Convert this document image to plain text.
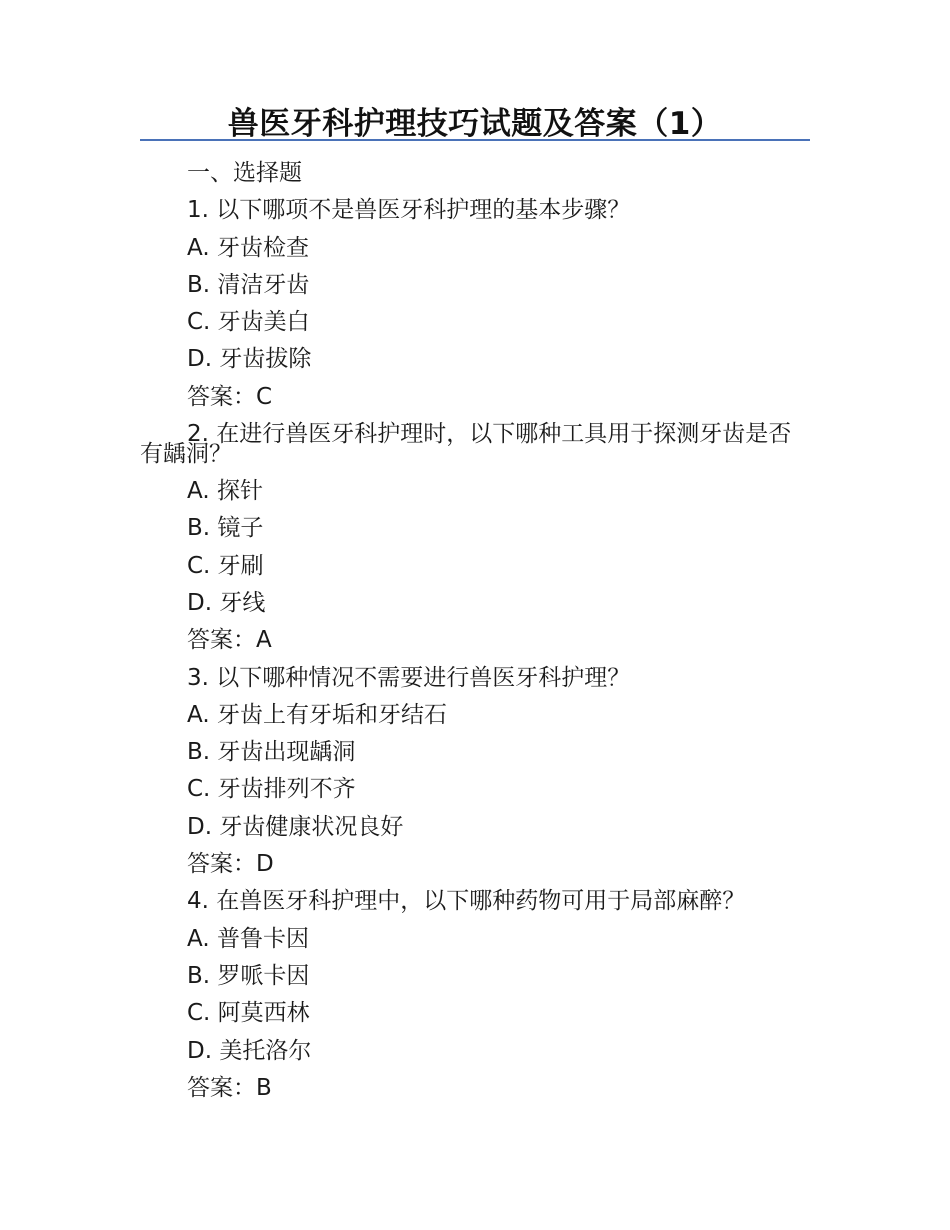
兽医牙科护理技巧试题及答案（1）

一、选择题

1. 以下哪项不是兽医牙科护理的基本步骤？

A. 牙齿检查

B. 清洁牙齿

C. 牙齿美白

D. 牙齿拔除

答案：C

2. 在进行兽医牙科护理时，以下哪种工具用于探测牙齿是否有龋洞？

A. 探针

B. 镜子

C. 牙刷

D. 牙线

答案：A

3. 以下哪种情况不需要进行兽医牙科护理？

A. 牙齿上有牙垢和牙结石

B. 牙齿出现龋洞

C. 牙齿排列不齐

D. 牙齿健康状况良好

答案：D

4. 在兽医牙科护理中，以下哪种药物可用于局部麻醉？

A. 普鲁卡因

B. 罗哌卡因

C. 阿莫西林

D. 美托洛尔

答案：B
